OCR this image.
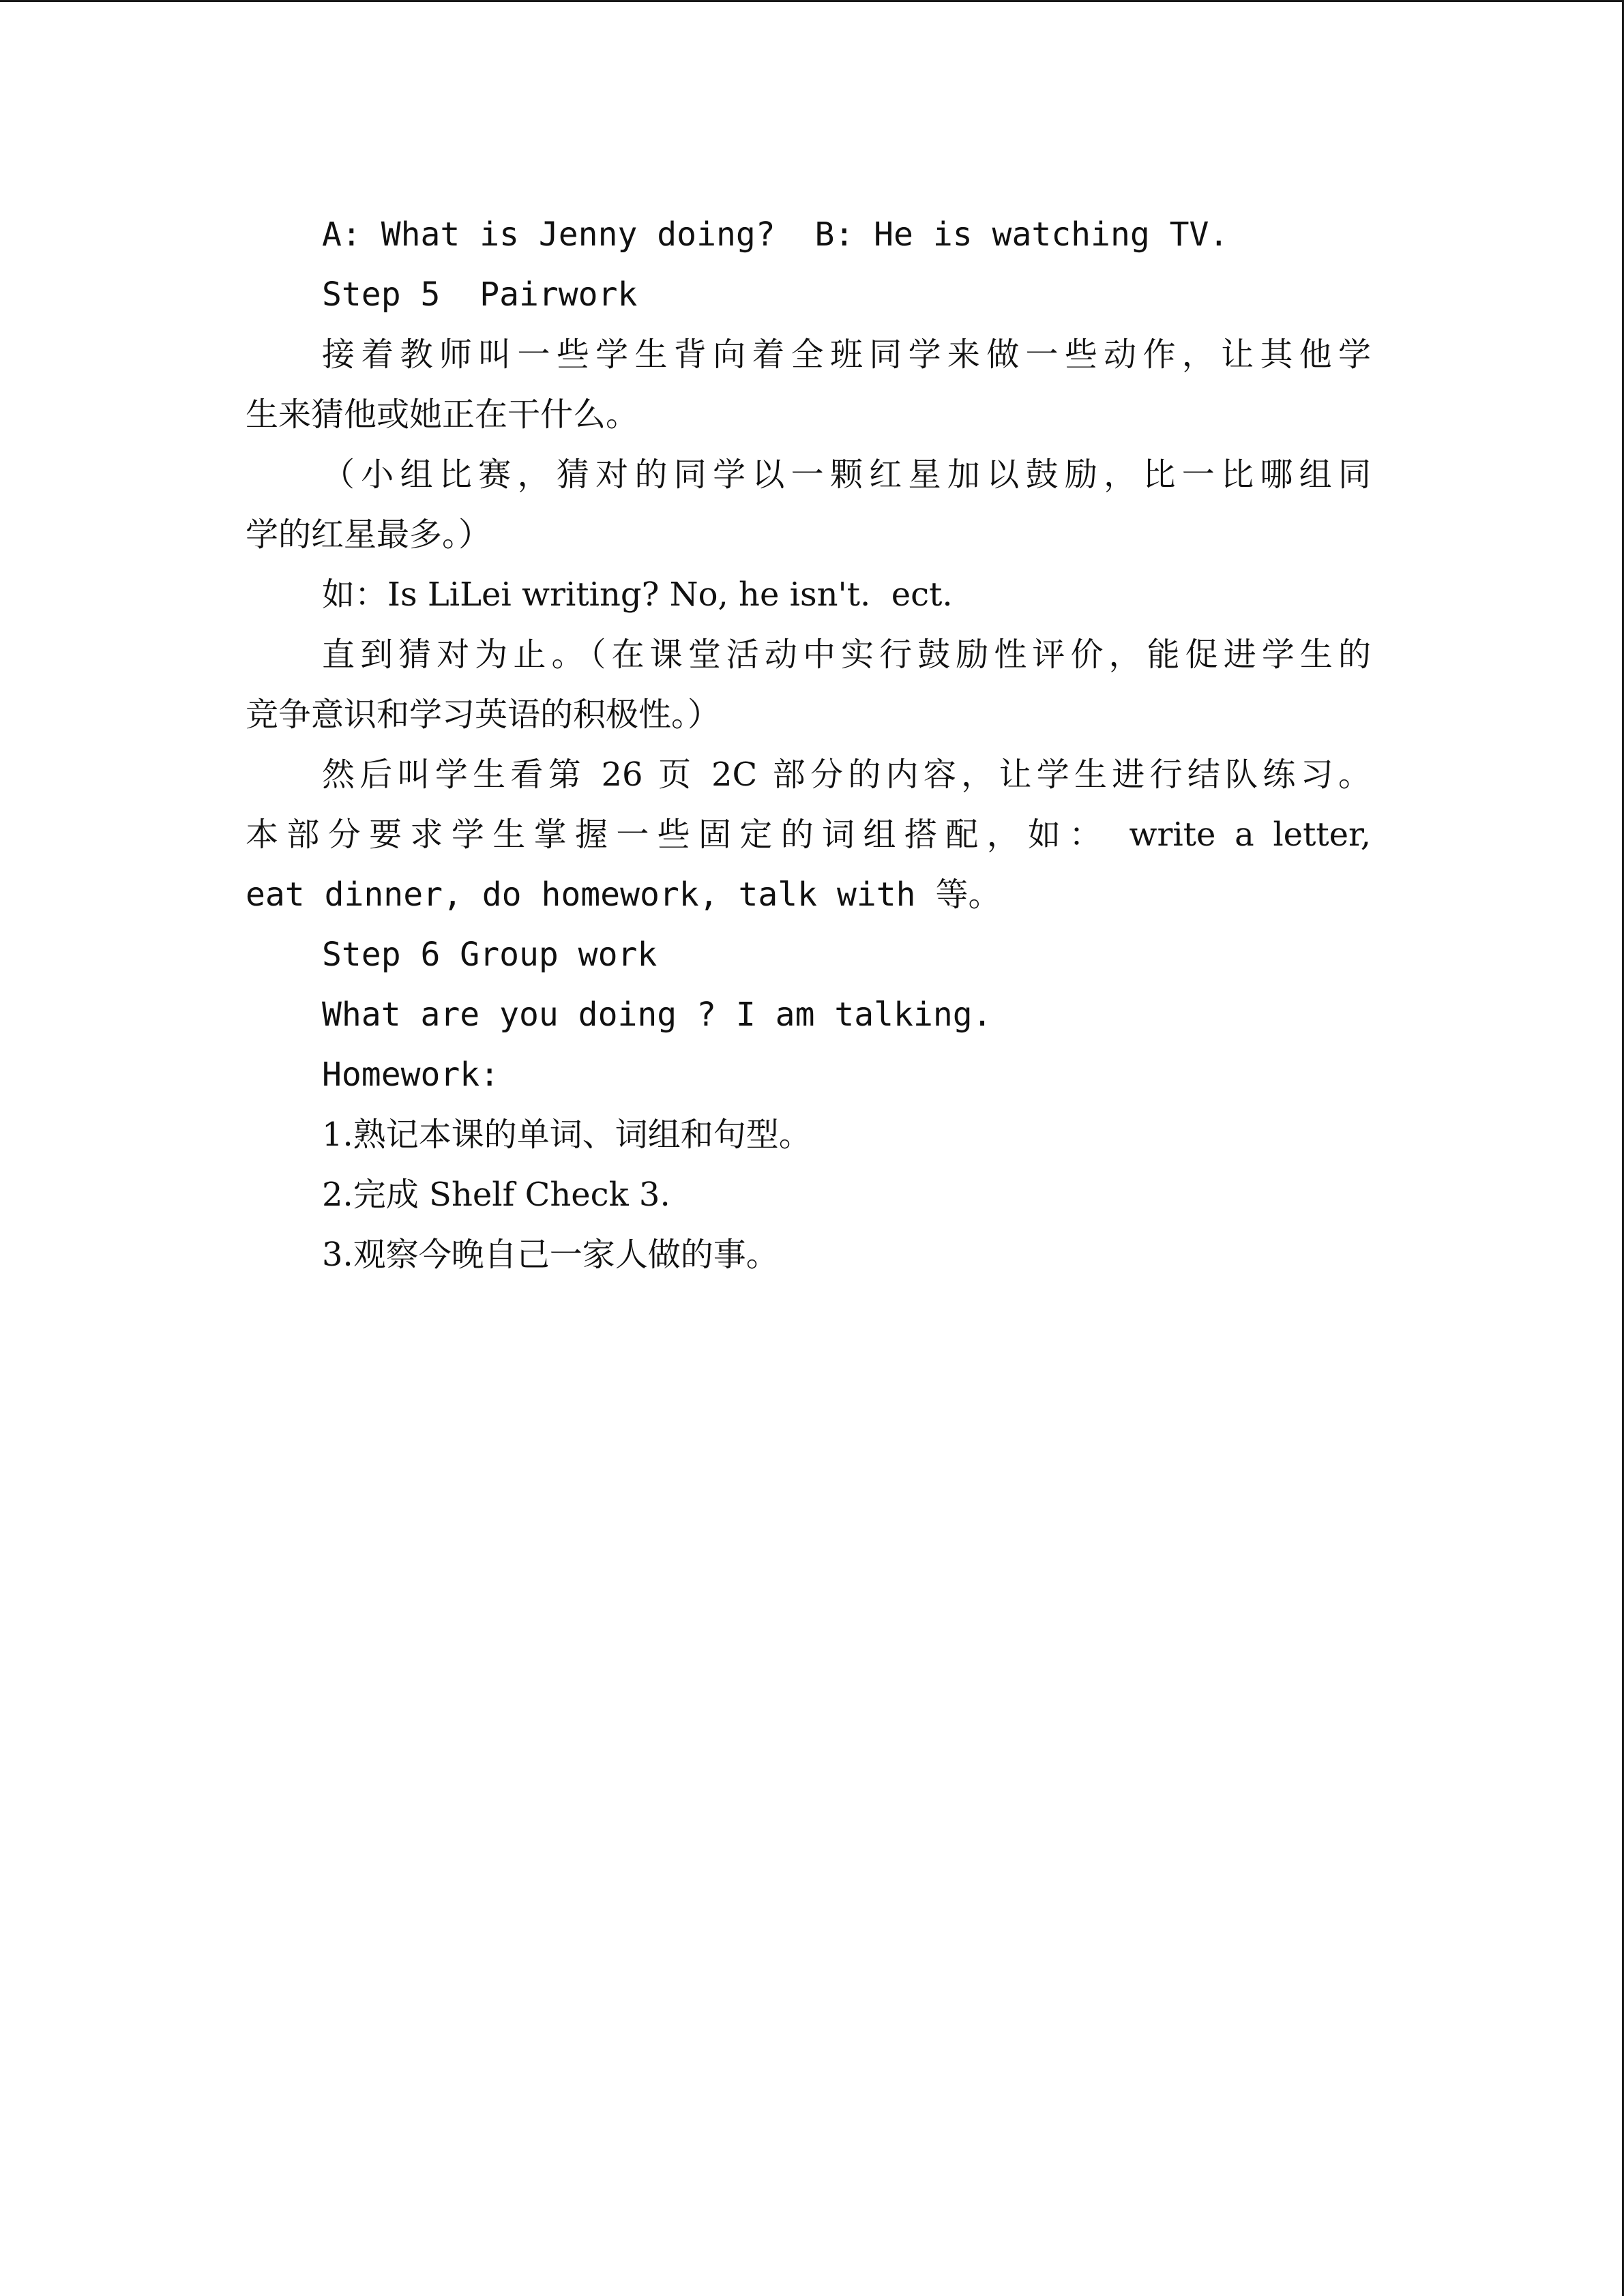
A: What is Jenny doing?  B: He is watching TV.
Step 5  Pairwork
接着教师叫一些学生背向着全班同学来做一些动作，让其他学
生来猜他或她正在干什么。
（小组比赛，猜对的同学以一颗红星加以鼓励，比一比哪组同
学的红星最多。）
如：Is LiLei writing? No, he isn't.  ect.
直到猜对为止。（在课堂活动中实行鼓励性评价，能促进学生的
竞争意识和学习英语的积极性。）
然后叫学生看第 26 页 2C 部分的内容，让学生进行结队练习。
本部分要求学生掌握一些固定的词组搭配，如： write a letter,
eat dinner, do homework, talk with 等。
Step 6 Group work
What are you doing ? I am talking.
Homework:
1.熟记本课的单词、词组和句型。
2.完成 Shelf Check 3.
3.观察今晚自己一家人做的事。
